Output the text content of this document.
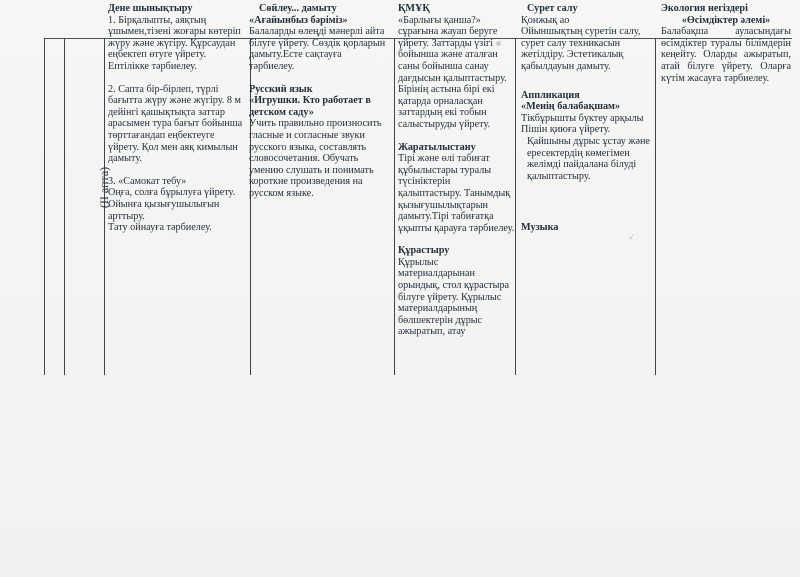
(ІІ апта)

Дене шынықтыру

1. Бірқалыпты, аяқтың ұшымен,тізені жоғары көтеріп жүру және жүгіру. Құрсаудан еңбектеп өтуге үйрету. Ептілікке тәрбиелеу.

2. Сапта бір-бірлеп, түрлі бағытта жүру және жүгіру. 8 м дейінгі қашықтықта заттар арасымен тура бағыт бойынша төрттағандап еңбектеуге үйрету. Қол мен аяқ кимылын дамыту.

3. «Самокат тебу»

Оңға, солға бұрылуға үйрету.

Ойынға қызығушылығын арттыру.

Тату ойнауға тәрбиелеу.

Сөйлеу... дамыту

«Ағайынбыз бәріміз»

Балаларды өлеңді мәнерлі айта білуге үйрету. Сөздік қорларын дамыту.Есте сақтауға тәрбиелеу.

Русский язык

«Игрушки. Кто работает в детском саду»

Учить правильно произносить гласные и согласные звуки русского языка, составлять словосочетания. Обучать умению слушать и понимать короткие произведения на русском языке.

ҚМҰҚ

«Барлығы қанша?» сұрағына жауап беруге үйрету. Заттарды үзігі бойынша және аталған саны бойынша санау дағдысын қалыптастыру. Бірінің астына бірі екі қатарда орналасқан заттардың екі тобын салыстыруды үйрету.

Жаратылыстану

Тірі және өлі табиғат құбылыстары туралы түсініктерін қалыптастыру. Танымдық қызығушылықтарын дамыту.Тірі табиғатқа ұқыпты қарауға тәрбиелеу.

Құрастыру

Құрылыс материалдарынан орындық, стол құрастыра білуге үйрету. Құрылыс материалдарының бөлшектерін дұрыс ажыратып, атау

Сурет салу

Қонжық ао

Ойыншықтың суретін салу, сурет салу техникасын жетілдіру. Эстетикалық қабылдауын дамыту.

Аппликация

«Менің балабақшам»

Тікбұрышты бүктеу арқылы Пішін қиюға үйрету.

Қайшыны дұрыс ұстау және ересектердің көмегімен желімді пайдалана білуді қалыптастыру.

Музыка

Экология негіздері

«Өсімдіктер әлемі»

Балабақша ауласындағы өсімдіктер туралы білімдерін кеңейту. Оларды ажыратып, атай білуге үйрету. Оларға күтім жасауға тәрбиелеу.

✓
